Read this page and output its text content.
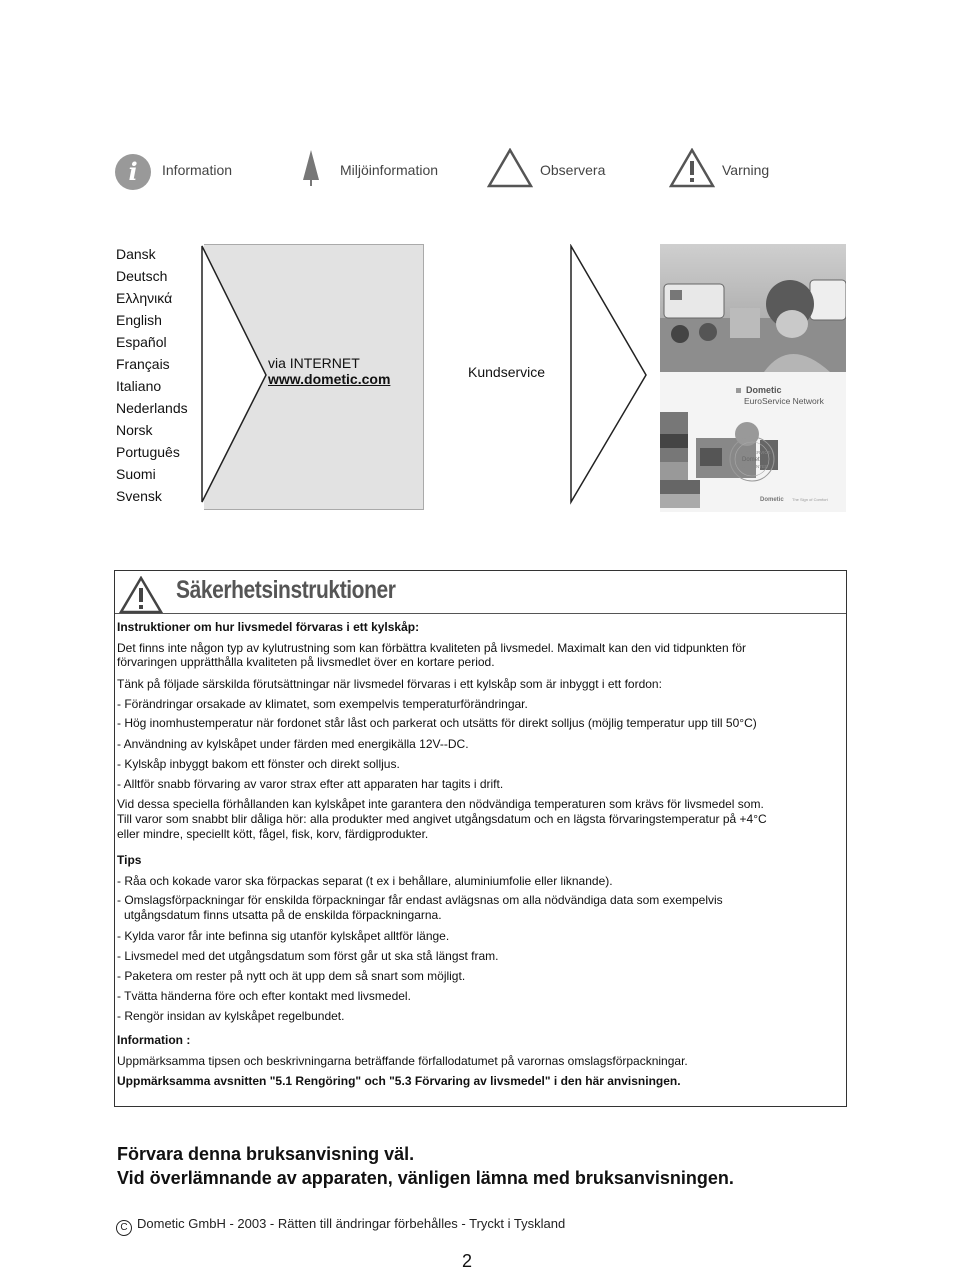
i	Information	Miljöinformation	Observera	Varning
Dansk
Deutsch
Ελληνικά
English
Español
Français
Italiano
Nederlands
Norsk
Português
Suomi
Svensk
via INTERNET
www.dometic.com	Kundservice
Dometic
EuroService Network
EUROSERVICE
Dometic
GUARANTEE
Dometic The Sign of Comfort
Säkerhetsinstruktioner
Instruktioner om hur livsmedel förvaras i ett kylskåp:
Det finns inte någon typ av kylutrustning som kan förbättra kvaliteten på livsmedel. Maximalt kan den vid tidpunkten för
förvaringen upprätthålla kvaliteten på livsmedlet över en kortare period.
Tänk på följade särskilda förutsättningar när livsmedel förvaras i ett kylskåp som är inbyggt i ett fordon:
- Förändringar orsakade av klimatet, som exempelvis temperaturförändringar.
- Hög inomhustemperatur när fordonet står låst och parkerat och utsätts för direkt solljus (möjlig temperatur upp till 50°C)
- Användning av kylskåpet under färden med energikälla 12V--DC.
- Kylskåp inbyggt bakom ett fönster och direkt solljus.
- Alltför snabb förvaring av varor strax efter att apparaten har tagits i drift.
Vid dessa speciella förhållanden kan kylskåpet inte garantera den nödvändiga temperaturen som krävs för livsmedel som.
Till varor som snabbt blir dåliga hör: alla produkter med angivet utgångsdatum och en lägsta förvaringstemperatur på +4°C
eller mindre, speciellt kött, fågel, fisk, korv, färdigprodukter.
Tips
- Råa och kokade varor ska förpackas separat (t ex i behållare, aluminiumfolie eller liknande).
- Omslagsförpackningar för enskilda förpackningar får endast avlägsnas om alla nödvändiga data som exempelvis
utgångsdatum finns utsatta på de enskilda förpackningarna.
- Kylda varor får inte befinna sig utanför kylskåpet alltför länge.
- Livsmedel med det utgångsdatum som först går ut ska stå längst fram.
- Paketera om rester på nytt och ät upp dem så snart som möjligt.
- Tvätta händerna före och efter kontakt med livsmedel.
- Rengör insidan av kylskåpet regelbundet.
Information :
Uppmärksamma tipsen och beskrivningarna beträffande förfallodatumet på varornas omslagsförpackningar.
Uppmärksamma avsnitten "5.1 Rengöring" och "5.3 Förvaring av livsmedel" i den här anvisningen.
Förvara denna bruksanvisning väl.
Vid överlämnande av apparaten, vänligen lämna med bruksanvisningen.
C Dometic GmbH - 2003 - Rätten till ändringar förbehålles - Tryckt i Tyskland
2
